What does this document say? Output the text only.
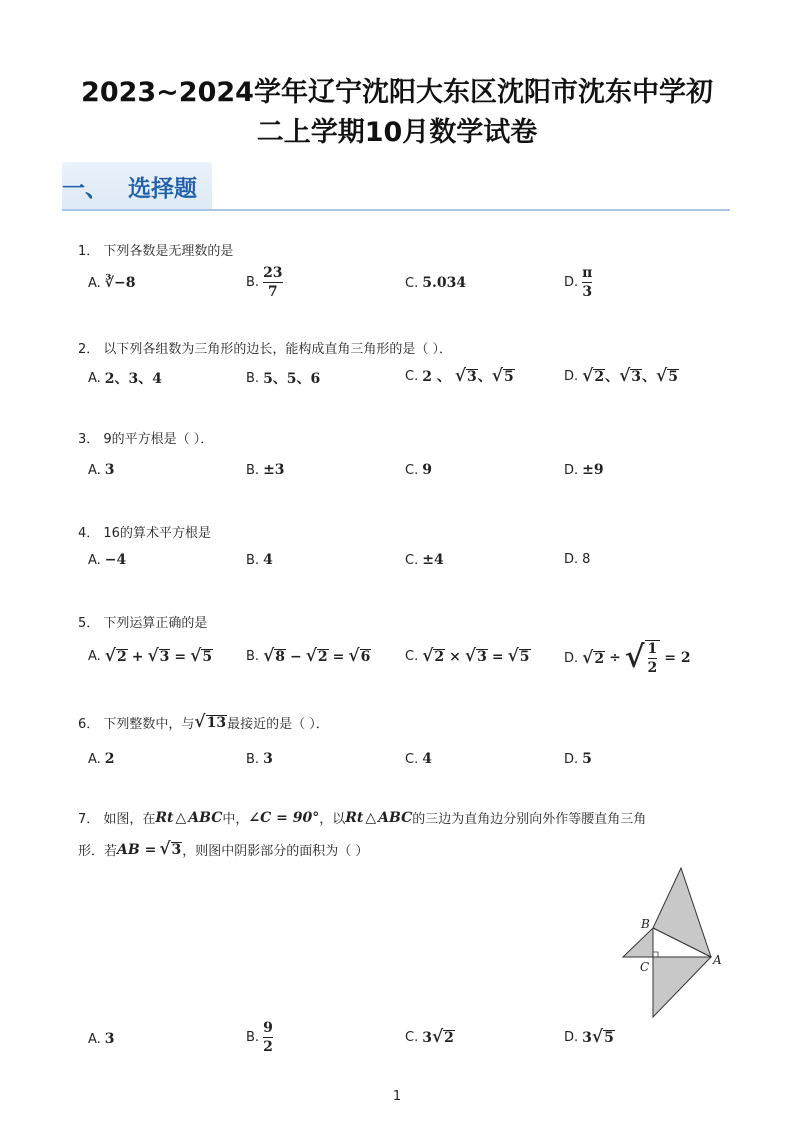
2023~2024学年辽宁沈阳大东区沈阳市沈东中学初
二上学期10月数学试卷
一、 选择题
1． 下列各数是无理数的是
A. ∛−8	B. $\frac{23}{7}$	C. 5.034	D. $\frac{\pi}{3}$
2． 以下列各组数为三角形的边长，能构成直角三角形的是（ ）．
A. 2、3、4	B. 5、5、6	C. 2 、 √ 3 、 √ 5	D. √ 2 、 √ 3 、 √ 5
3． 9的平方根是（ ）．
A. 3	B. ±3	C. 9	D. ±9
4． 16的算术平方根是
A. −4	B. 4	C. ±4	D. 8
5． 下列运算正确的是
A. √ 2 + √ 3 = √ 5	B. √ 8 − √ 2 = √ 6	C. √ 2 × √ 3 = √ 5	D. √ 2 ÷ √ $\frac{1}{2} = 2$
6． 下列整数中，与 √ 13 最接近的是（ ）．
A. 2	B. 3	C. 4	D. 5
7． 如图，在 Rt △ ABC 中， ∠C = 90° ，以 Rt △ ABC 的三边为直角边分别向外作等腰直角三角
形．若 AB = √ 3 ，则图中阴影部分的面积为（ ）
B
C	A
A. 3	B. $\frac{9}{2}$	C. 3 √ 2	D. 3 √ 5
1
